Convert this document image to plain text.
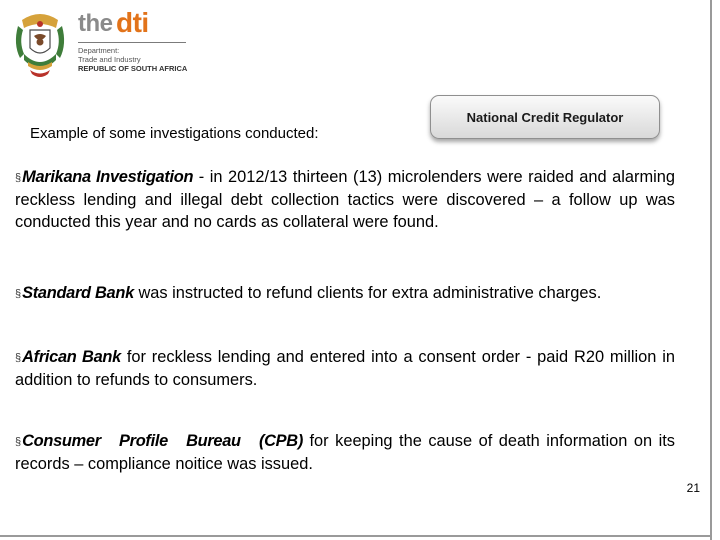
the dti
Department:
Trade and Industry
REPUBLIC OF SOUTH AFRICA
National Credit Regulator
Example of some investigations conducted:

§Marikana Investigation - in 2012/13 thirteen (13) microlenders were raided and alarming reckless lending and illegal debt collection tactics were discovered – a follow up was conducted this year and no cards as collateral were found.

§Standard Bank was instructed to refund clients for extra administrative charges.

§African Bank for reckless lending and entered into a consent order - paid R20 million in addition to refunds to consumers.

§Consumer Profile Bureau (CPB) for keeping the cause of death information on its records – compliance noitice was issued.

21
